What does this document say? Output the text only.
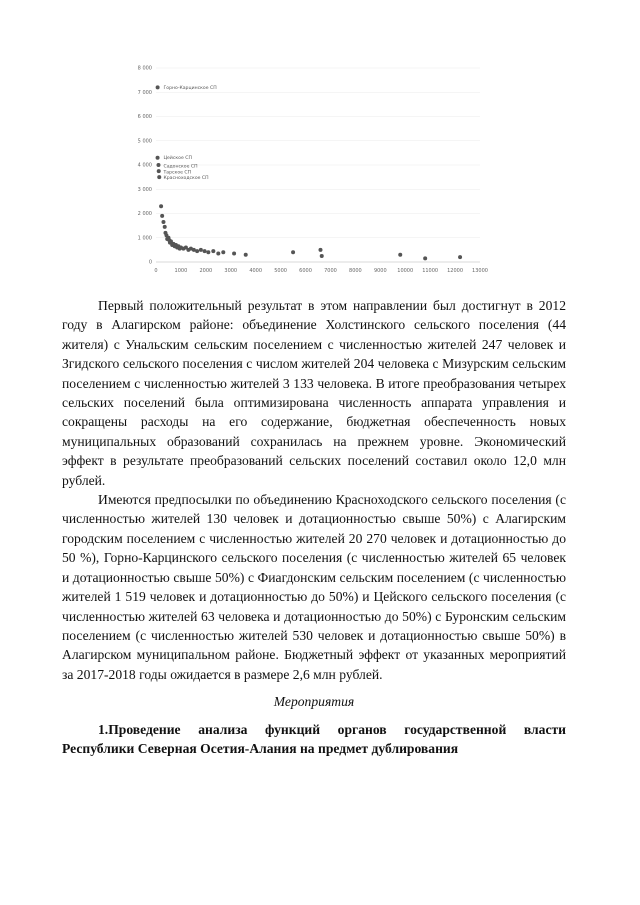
0
1 000
2 000
3 000
4 000
5 000
6 000
7 000
8 000
0	1000 2000 3000 4000 5000 6000 7000 8000 9000 10000 11000 12000 13000
Горно-Карцинское СП
Цейское СП
Садонское СП
Тарское СП
Красноходское СП

Первый положительный результат в этом направлении был достигнут в 2012 году в Алагирском районе: объединение Холстинского сельского поселения (44 жителя) с Унальским сельским поселением с численностью жителей 247 человек и Згидского сельского поселения с числом жителей 204 человека с Мизурским сельским поселением с численностью жителей 3 133 человека. В итоге преобразования четырех сельских поселений была оптимизирована численность аппарата управления и сокращены расходы на его содержание, бюджетная обеспеченность новых муниципальных образований сохранилась на прежнем уровне. Экономический эффект в результате преобразований сельских поселений составил около 12,0 млн рублей.

Имеются предпосылки по объединению Красноходского сельского поселения (с численностью жителей 130 человек и дотационностью свыше 50%) с Алагирским городским поселением с численностью жителей 20 270 человек и дотационностью до 50 %), Горно-Карцинского сельского поселения (с численностью жителей 65 человек и дотационностью свыше 50%) с Фиагдонским сельским поселением (с численностью жителей 1 519 человек и дотационностью до 50%) и Цейского сельского поселения (с численностью жителей 63 человека и дотационностью до 50%) с Буронским сельским поселением (с численностью жителей 530 человек и дотационностью свыше 50%) в Алагирском муниципальном районе. Бюджетный эффект от указанных мероприятий за 2017-2018 годы ожидается в размере 2,6 млн рублей.

Мероприятия

1.Проведение анализа функций органов государственной власти Республики Северная Осетия-Алания на предмет дублирования
